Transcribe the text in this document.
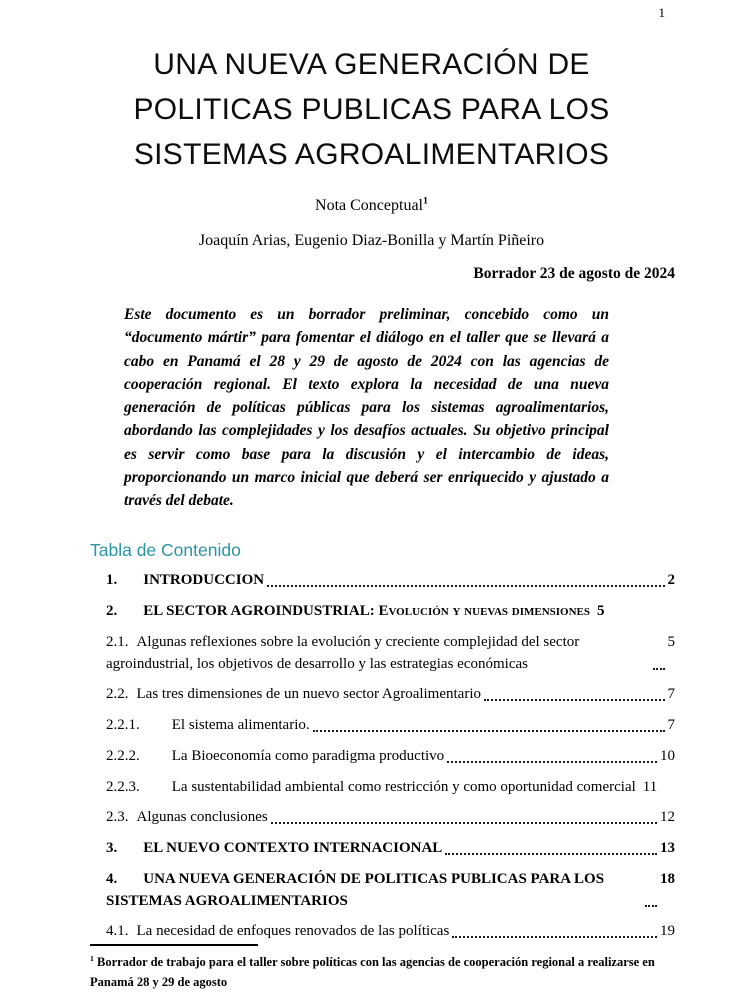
1
UNA NUEVA GENERACIÓN DE POLITICAS PUBLICAS PARA LOS SISTEMAS AGROALIMENTARIOS
Nota Conceptual$^1$
Joaquín Arias, Eugenio Diaz-Bonilla y Martín Piñeiro
Borrador 23 de agosto de 2024
Este documento es un borrador preliminar, concebido como un “documento mártir” para fomentar el diálogo en el taller que se llevará a cabo en Panamá el 28 y 29 de agosto de 2024 con las agencias de cooperación regional. El texto explora la necesidad de una nueva generación de políticas públicas para los sistemas agroalimentarios, abordando las complejidades y los desafíos actuales. Su objetivo principal es servir como base para la discusión y el intercambio de ideas, proporcionando un marco inicial que deberá ser enriquecido y ajustado a través del debate.
Tabla de Contenido
1. INTRODUCCION	2
2. EL SECTOR AGROINDUSTRIAL: Evolución y nuevas dimensiones 5
2.1. Algunas reflexiones sobre la evolución y creciente complejidad del sector agroindustrial, los objetivos de desarrollo y las estrategias económicas
5
2.2. Las tres dimensiones de un nuevo sector Agroalimentario	7
2.2.1. El sistema alimentario.	7
2.2.2. La Bioeconomía como paradigma productivo	10
2.2.3. La sustentabilidad ambiental como restricción y como oportunidad comercial 11
2.3. Algunas conclusiones	12
3. EL NUEVO CONTEXTO INTERNACIONAL	13
4. UNA NUEVA GENERACIÓN DE POLITICAS PUBLICAS PARA LOS SISTEMAS AGROALIMENTARIOS
18
4.1. La necesidad de enfoques renovados de las políticas	19
$^1$ Borrador de trabajo para el taller sobre políticas con las agencias de cooperación regional a realizarse en Panamá 28 y 29 de agosto
